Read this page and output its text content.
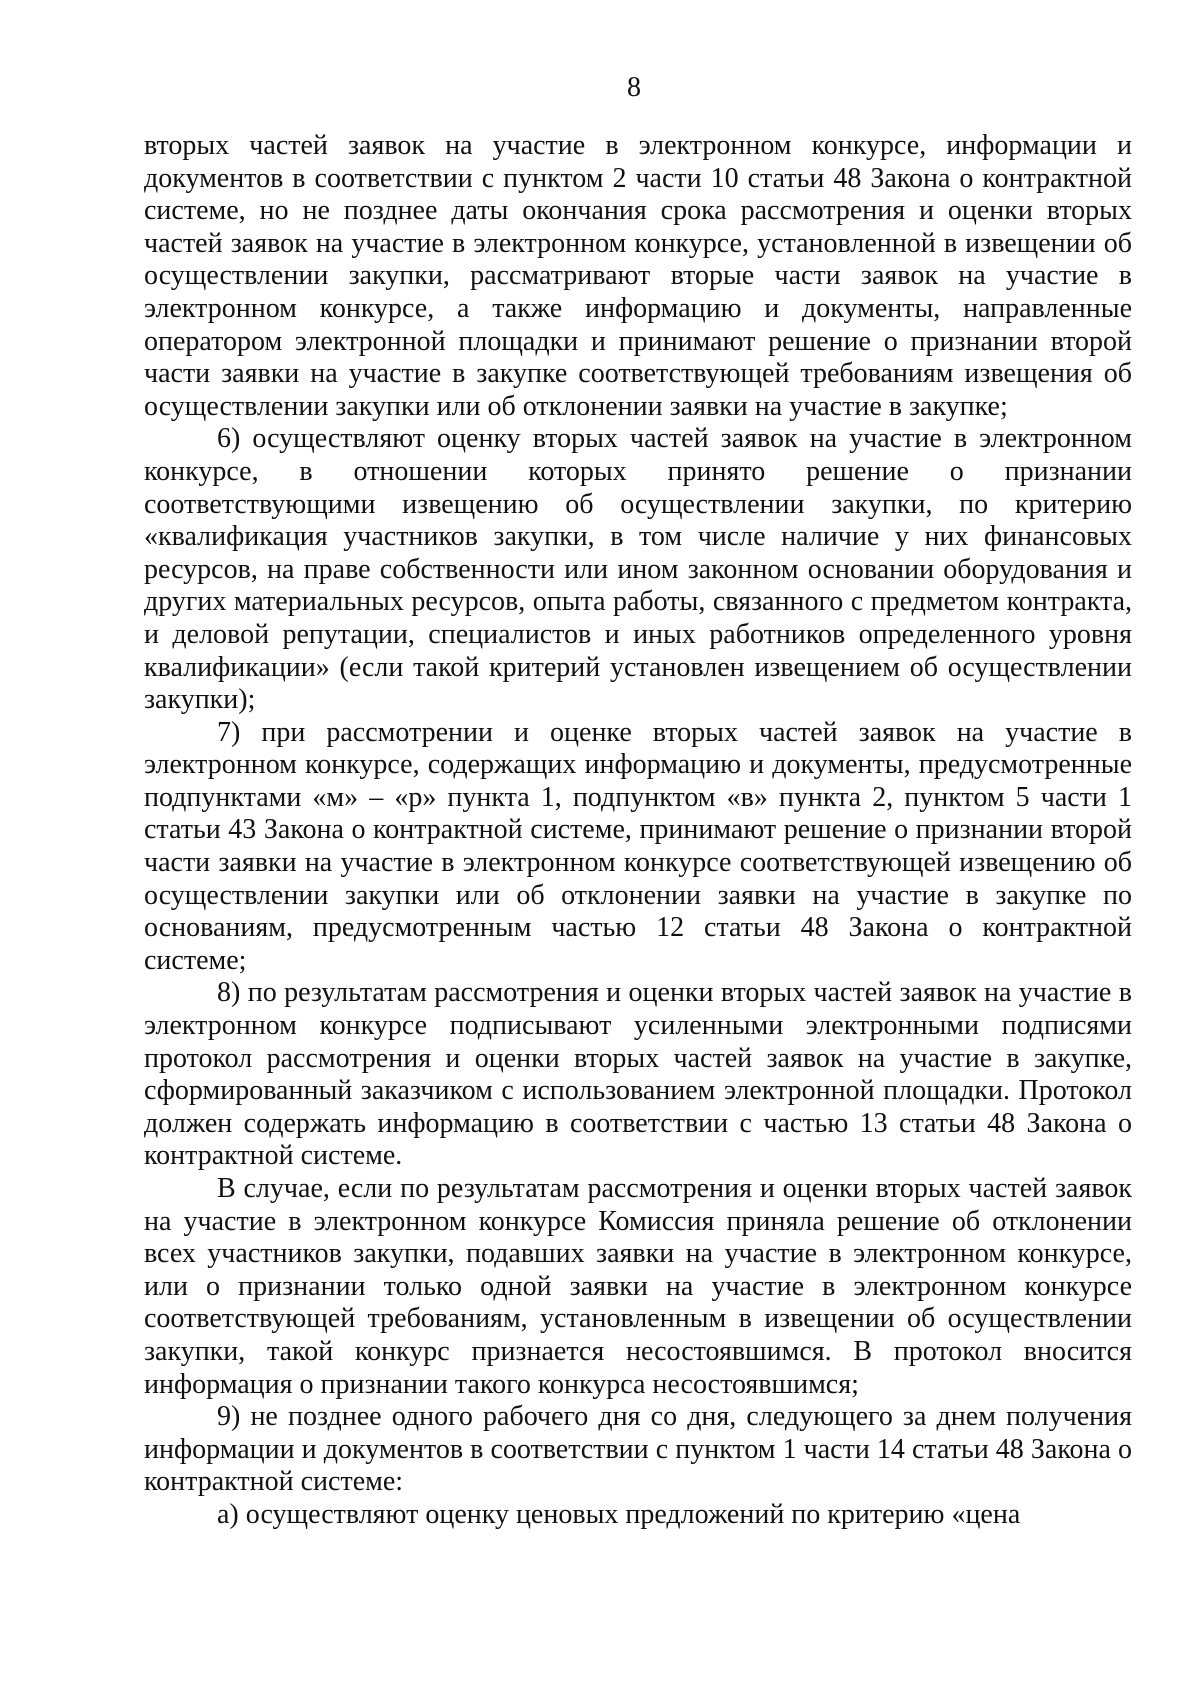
8

вторых частей заявок на участие в электронном конкурсе, информации и документов в соответствии с пунктом 2 части 10 статьи 48 Закона о контрактной системе, но не позднее даты окончания срока рассмотрения и оценки вторых частей заявок на участие в электронном конкурсе, установленной в извещении об осуществлении закупки, рассматривают вторые части заявок на участие в электронном конкурсе, а также информацию и документы, направленные оператором электронной площадки и принимают решение о признании второй части заявки на участие в закупке соответствующей требованиям извещения об осуществлении закупки или об отклонении заявки на участие в закупке;

6) осуществляют оценку вторых частей заявок на участие в электронном конкурсе, в отношении которых принято решение о признании соответствующими извещению об осуществлении закупки, по критерию «квалификация участников закупки, в том числе наличие у них финансовых ресурсов, на праве собственности или ином законном основании оборудования и других материальных ресурсов, опыта работы, связанного с предметом контракта, и деловой репутации, специалистов и иных работников определенного уровня квалификации» (если такой критерий установлен извещением об осуществлении закупки);

7) при рассмотрении и оценке вторых частей заявок на участие в электронном конкурсе, содержащих информацию и документы, предусмотренные подпунктами «м» – «р» пункта 1, подпунктом «в» пункта 2, пунктом 5 части 1 статьи 43 Закона о контрактной системе, принимают решение о признании второй части заявки на участие в электронном конкурсе соответствующей извещению об осуществлении закупки или об отклонении заявки на участие в закупке по основаниям, предусмотренным частью 12 статьи 48 Закона о контрактной системе;

8) по результатам рассмотрения и оценки вторых частей заявок на участие в электронном конкурсе подписывают усиленными электронными подписями протокол рассмотрения и оценки вторых частей заявок на участие в закупке, сформированный заказчиком с использованием электронной площадки. Протокол должен содержать информацию в соответствии с частью 13 статьи 48 Закона о контрактной системе.

В случае, если по результатам рассмотрения и оценки вторых частей заявок на участие в электронном конкурсе Комиссия приняла решение об отклонении всех участников закупки, подавших заявки на участие в электронном конкурсе, или о признании только одной заявки на участие в электронном конкурсе соответствующей требованиям, установленным в извещении об осуществлении закупки, такой конкурс признается несостоявшимся. В протокол вносится информация о признании такого конкурса несостоявшимся;

9) не позднее одного рабочего дня со дня, следующего за днем получения информации и документов в соответствии с пунктом 1 части 14 статьи 48 Закона о контрактной системе:

а) осуществляют оценку ценовых предложений по критерию «цена
